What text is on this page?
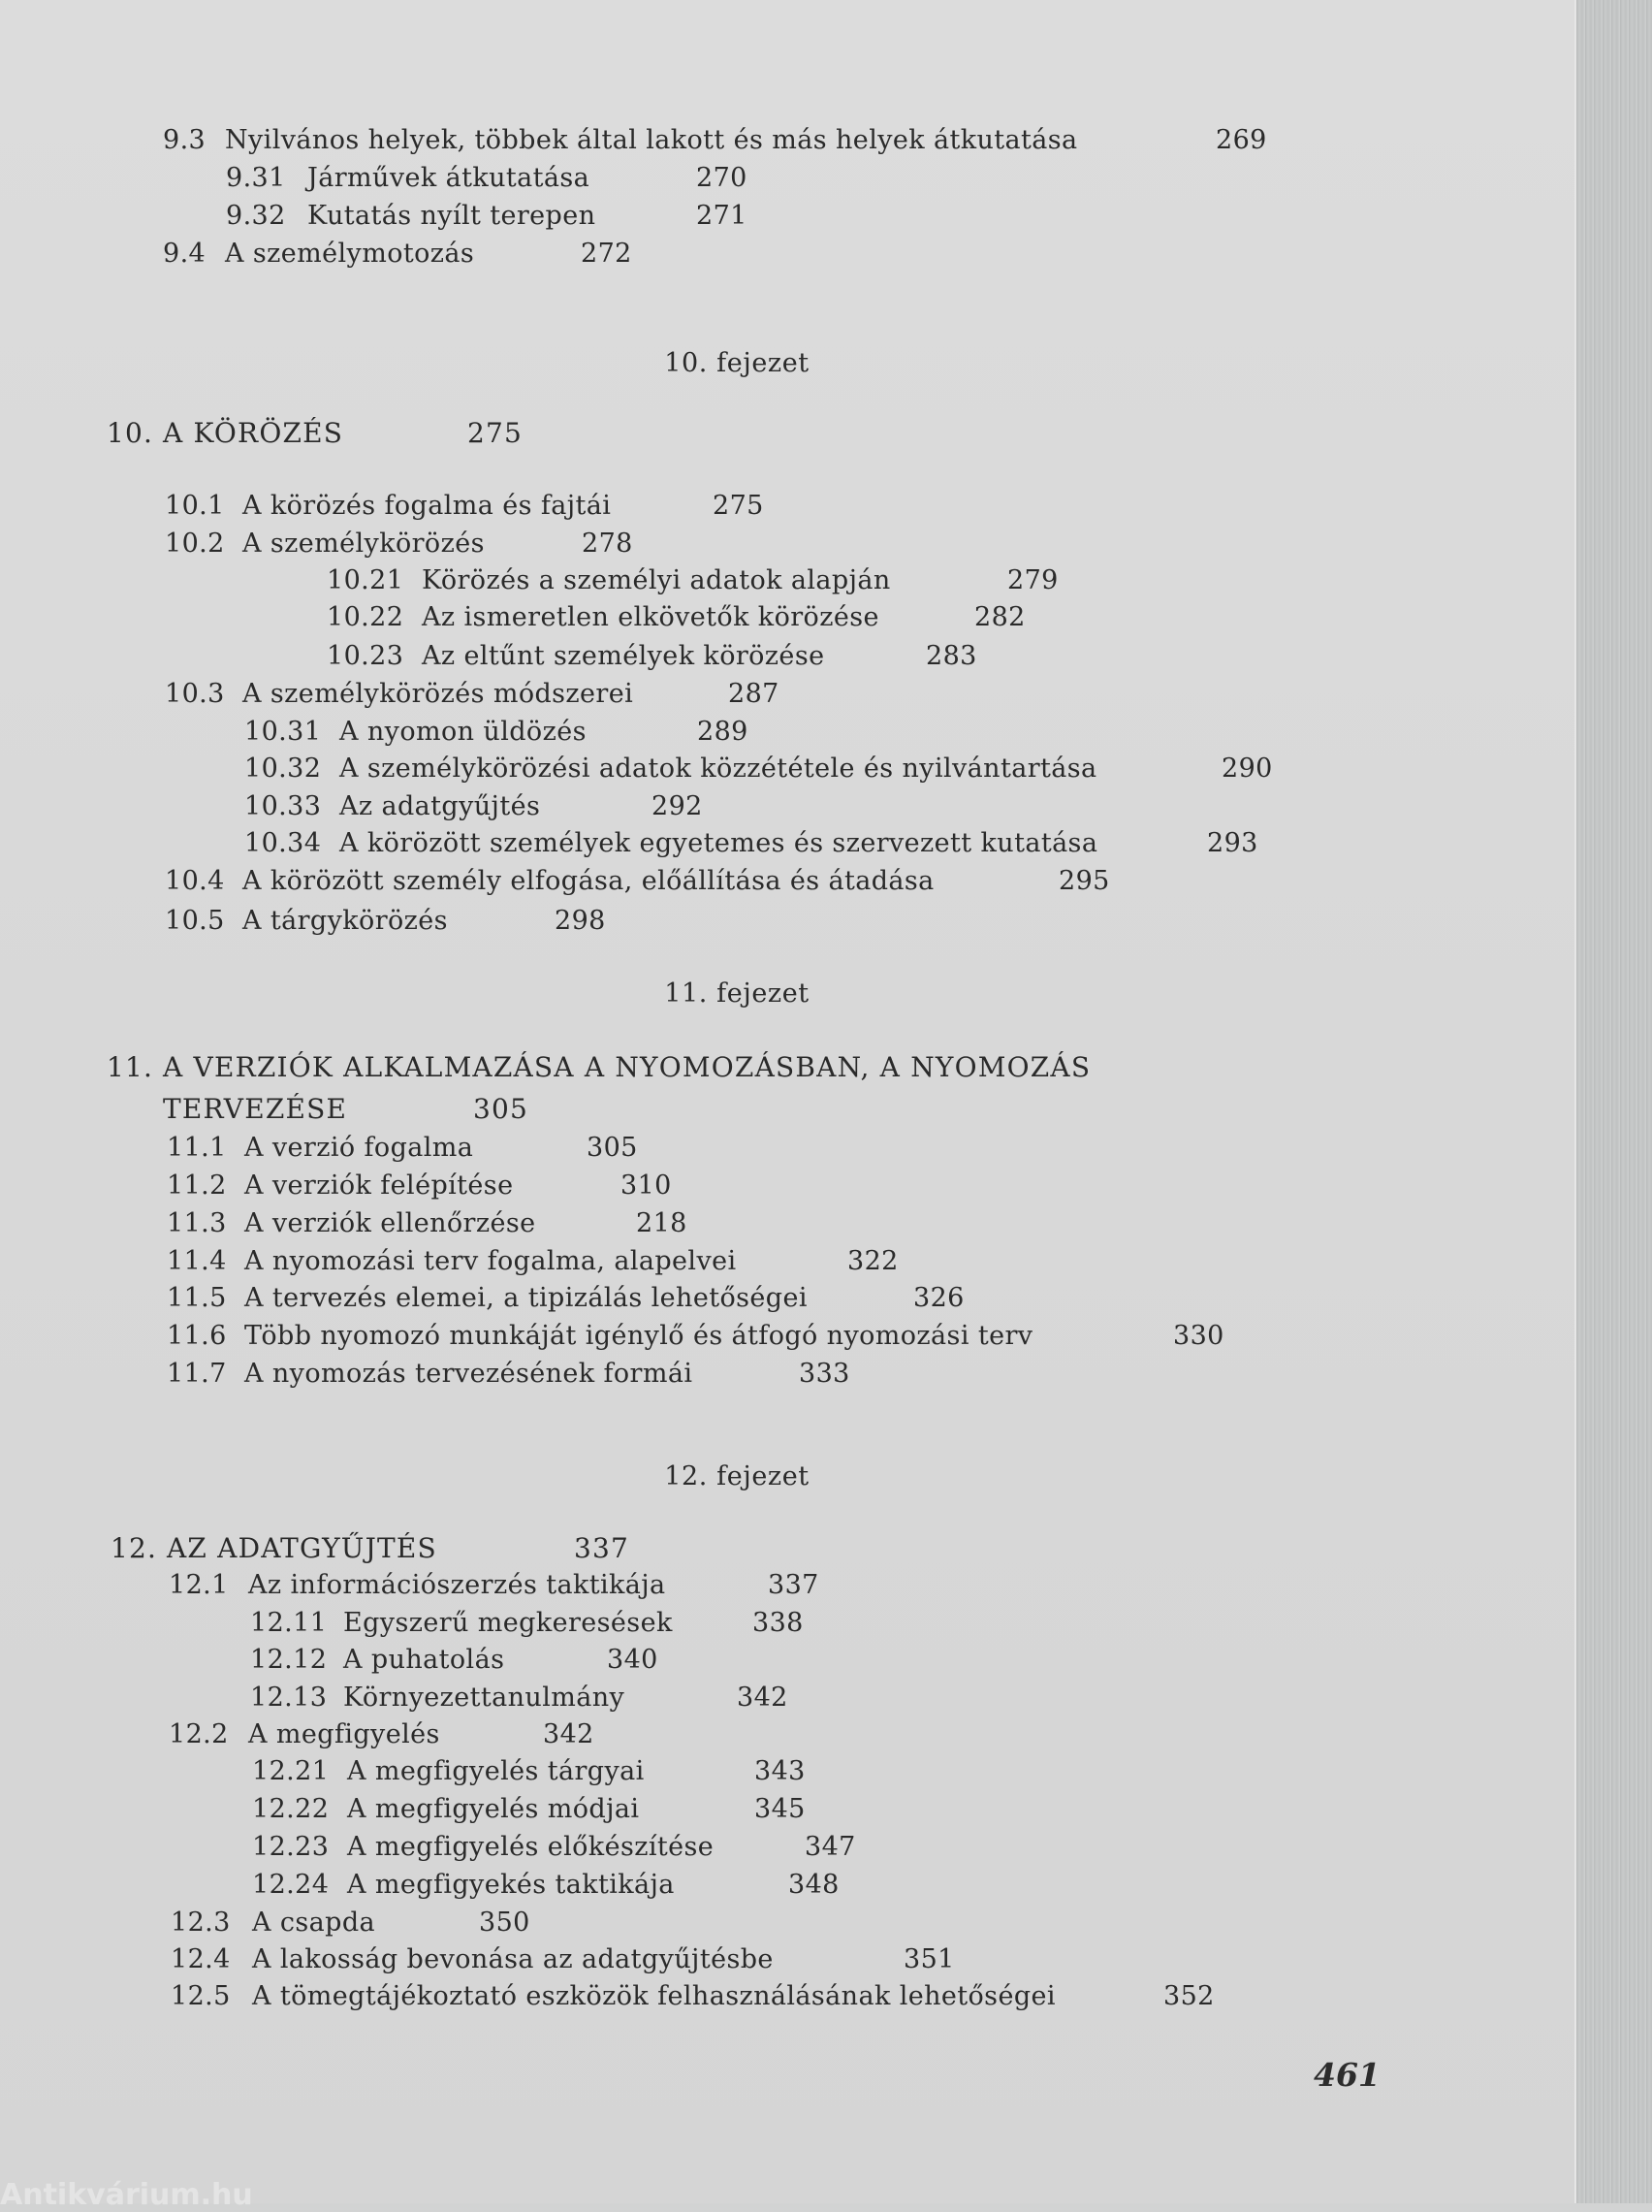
9.3 Nyilvános helyek, többek által lakott és más helyek átkutatása	269
9.31 Járművek átkutatása	270
9.32 Kutatás nyílt terepen	271
9.4 A személymotozás	272
10. fejezet
10. A KÖRÖZÉS	275
10.1 A körözés fogalma és fajtái	275
10.2 A személykörözés	278
10.21 Körözés a személyi adatok alapján	279
10.22 Az ismeretlen elkövetők körözése	282
10.23 Az eltűnt személyek körözése	283
10.3 A személykörözés módszerei	287
10.31 A nyomon üldözés	289
10.32 A személykörözési adatok közzététele és nyilvántartása	290
10.33 Az adatgyűjtés	292
10.34 A körözött személyek egyetemes és szervezett kutatása	293
10.4 A körözött személy elfogása, előállítása és átadása	295
10.5 A tárgykörözés	298
11. fejezet
11. A VERZIÓK ALKALMAZÁSA A NYOMOZÁSBAN, A NYOMOZÁS
TERVEZÉSE	305
11.1 A verzió fogalma	305
11.2 A verziók felépítése	310
11.3 A verziók ellenőrzése	218
11.4 A nyomozási terv fogalma, alapelvei	322
11.5 A tervezés elemei, a tipizálás lehetőségei	326
11.6 Több nyomozó munkáját igénylő és átfogó nyomozási terv	330
11.7 A nyomozás tervezésének formái	333
12. fejezet
12. AZ ADATGYŰJTÉS	337
12.1 Az információszerzés taktikája	337
12.11 Egyszerű megkeresések	338
12.12 A puhatolás	340
12.13 Környezettanulmány	342
12.2 A megfigyelés	342
12.21 A megfigyelés tárgyai	343
12.22 A megfigyelés módjai	345
12.23 A megfigyelés előkészítése	347
12.24 A megfigyekés taktikája	348
12.3 A csapda	350
12.4 A lakosság bevonása az adatgyűjtésbe	351
12.5 A tömegtájékoztató eszközök felhasználásának lehetőségei	352
461
Antikvárium.hu
